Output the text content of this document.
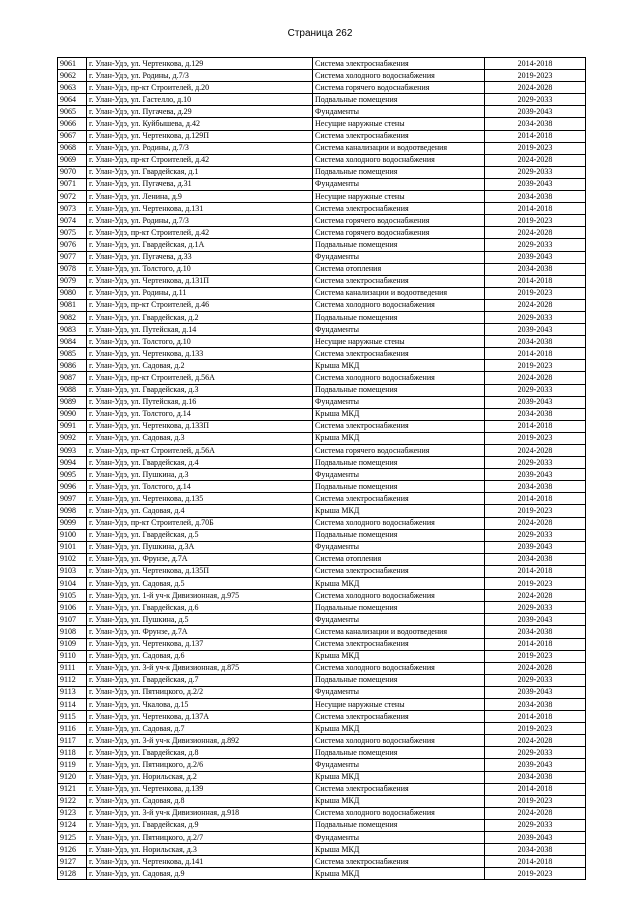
Страница 262
9061	г. Улан-Удэ, ул. Чертенкова, д.129	Система электроснабжения	2014-2018
9062	г. Улан-Удэ, ул. Родины, д.7/3	Система холодного водоснабжения	2019-2023
9063	г. Улан-Удэ, пр-кт Строителей, д.20	Система горячего водоснабжения	2024-2028
9064	г. Улан-Удэ, ул. Гастелло, д.10	Подвальные помещения	2029-2033
9065	г. Улан-Удэ, ул. Пугачева, д.29	Фундаменты	2039-2043
9066	г. Улан-Удэ, ул. Куйбышева, д.42	Несущие наружные стены	2034-2038
9067	г. Улан-Удэ, ул. Чертенкова, д.129П	Система электроснабжения	2014-2018
9068	г. Улан-Удэ, ул. Родины, д.7/3	Система канализации и водоотведения	2019-2023
9069	г. Улан-Удэ, пр-кт Строителей, д.42	Система холодного водоснабжения	2024-2028
9070	г. Улан-Удэ, ул. Гвардейская, д.1	Подвальные помещения	2029-2033
9071	г. Улан-Удэ, ул. Пугачева, д.31	Фундаменты	2039-2043
9072	г. Улан-Удэ, ул. Ленина, д.9	Несущие наружные стены	2034-2038
9073	г. Улан-Удэ, ул. Чертенкова, д.131	Система электроснабжения	2014-2018
9074	г. Улан-Удэ, ул. Родины, д.7/3	Система горячего водоснабжения	2019-2023
9075	г. Улан-Удэ, пр-кт Строителей, д.42	Система горячего водоснабжения	2024-2028
9076	г. Улан-Удэ, ул. Гвардейская, д.1А	Подвальные помещения	2029-2033
9077	г. Улан-Удэ, ул. Пугачева, д.33	Фундаменты	2039-2043
9078	г. Улан-Удэ, ул. Толстого, д.10	Система отопления	2034-2038
9079	г. Улан-Удэ, ул. Чертенкова, д.131П	Система электроснабжения	2014-2018
9080	г. Улан-Удэ, ул. Родины, д.11	Система канализации и водоотведения	2019-2023
9081	г. Улан-Удэ, пр-кт Строителей, д.46	Система холодного водоснабжения	2024-2028
9082	г. Улан-Удэ, ул. Гвардейская, д.2	Подвальные помещения	2029-2033
9083	г. Улан-Удэ, ул. Путейская, д.14	Фундаменты	2039-2043
9084	г. Улан-Удэ, ул. Толстого, д.10	Несущие наружные стены	2034-2038
9085	г. Улан-Удэ, ул. Чертенкова, д.133	Система электроснабжения	2014-2018
9086	г. Улан-Удэ, ул. Садовая, д.2	Крыша МКД	2019-2023
9087	г. Улан-Удэ, пр-кт Строителей, д.56А	Система холодного водоснабжения	2024-2028
9088	г. Улан-Удэ, ул. Гвардейская, д.3	Подвальные помещения	2029-2033
9089	г. Улан-Удэ, ул. Путейская, д.16	Фундаменты	2039-2043
9090	г. Улан-Удэ, ул. Толстого, д.14	Крыша МКД	2034-2038
9091	г. Улан-Удэ, ул. Чертенкова, д.133П	Система электроснабжения	2014-2018
9092	г. Улан-Удэ, ул. Садовая, д.3	Крыша МКД	2019-2023
9093	г. Улан-Удэ, пр-кт Строителей, д.56А	Система горячего водоснабжения	2024-2028
9094	г. Улан-Удэ, ул. Гвардейская, д.4	Подвальные помещения	2029-2033
9095	г. Улан-Удэ, ул. Пушкина, д.3	Фундаменты	2039-2043
9096	г. Улан-Удэ, ул. Толстого, д.14	Подвальные помещения	2034-2038
9097	г. Улан-Удэ, ул. Чертенкова, д.135	Система электроснабжения	2014-2018
9098	г. Улан-Удэ, ул. Садовая, д.4	Крыша МКД	2019-2023
9099	г. Улан-Удэ, пр-кт Строителей, д.70Б	Система холодного водоснабжения	2024-2028
9100	г. Улан-Удэ, ул. Гвардейская, д.5	Подвальные помещения	2029-2033
9101	г. Улан-Удэ, ул. Пушкина, д.3А	Фундаменты	2039-2043
9102	г. Улан-Удэ, ул. Фрунзе, д.7А	Система отопления	2034-2038
9103	г. Улан-Удэ, ул. Чертенкова, д.135П	Система электроснабжения	2014-2018
9104	г. Улан-Удэ, ул. Садовая, д.5	Крыша МКД	2019-2023
9105	г. Улан-Удэ, ул. 1-й уч-к Дивизионная, д.975	Система холодного водоснабжения	2024-2028
9106	г. Улан-Удэ, ул. Гвардейская, д.6	Подвальные помещения	2029-2033
9107	г. Улан-Удэ, ул. Пушкина, д.5	Фундаменты	2039-2043
9108	г. Улан-Удэ, ул. Фрунзе, д.7А	Система канализации и водоотведения	2034-2038
9109	г. Улан-Удэ, ул. Чертенкова, д.137	Система электроснабжения	2014-2018
9110	г. Улан-Удэ, ул. Садовая, д.6	Крыша МКД	2019-2023
9111	г. Улан-Удэ, ул. 3-й уч-к Дивизионная, д.875	Система холодного водоснабжения	2024-2028
9112	г. Улан-Удэ, ул. Гвардейская, д.7	Подвальные помещения	2029-2033
9113	г. Улан-Удэ, ул. Пятницкого, д.2/2	Фундаменты	2039-2043
9114	г. Улан-Удэ, ул. Чкалова, д.15	Несущие наружные стены	2034-2038
9115	г. Улан-Удэ, ул. Чертенкова, д.137А	Система электроснабжения	2014-2018
9116	г. Улан-Удэ, ул. Садовая, д.7	Крыша МКД	2019-2023
9117	г. Улан-Удэ, ул. 3-й уч-к Дивизионная, д.892	Система холодного водоснабжения	2024-2028
9118	г. Улан-Удэ, ул. Гвардейская, д.8	Подвальные помещения	2029-2033
9119	г. Улан-Удэ, ул. Пятницкого, д.2/6	Фундаменты	2039-2043
9120	г. Улан-Удэ, ул. Норильская, д.2	Крыша МКД	2034-2038
9121	г. Улан-Удэ, ул. Чертенкова, д.139	Система электроснабжения	2014-2018
9122	г. Улан-Удэ, ул. Садовая, д.8	Крыша МКД	2019-2023
9123	г. Улан-Удэ, ул. 3-й уч-к Дивизионная, д.918	Система холодного водоснабжения	2024-2028
9124	г. Улан-Удэ, ул. Гвардейская, д.9	Подвальные помещения	2029-2033
9125	г. Улан-Удэ, ул. Пятницкого, д.2/7	Фундаменты	2039-2043
9126	г. Улан-Удэ, ул. Норильская, д.3	Крыша МКД	2034-2038
9127	г. Улан-Удэ, ул. Чертенкова, д.141	Система электроснабжения	2014-2018
9128	г. Улан-Удэ, ул. Садовая, д.9	Крыша МКД	2019-2023
